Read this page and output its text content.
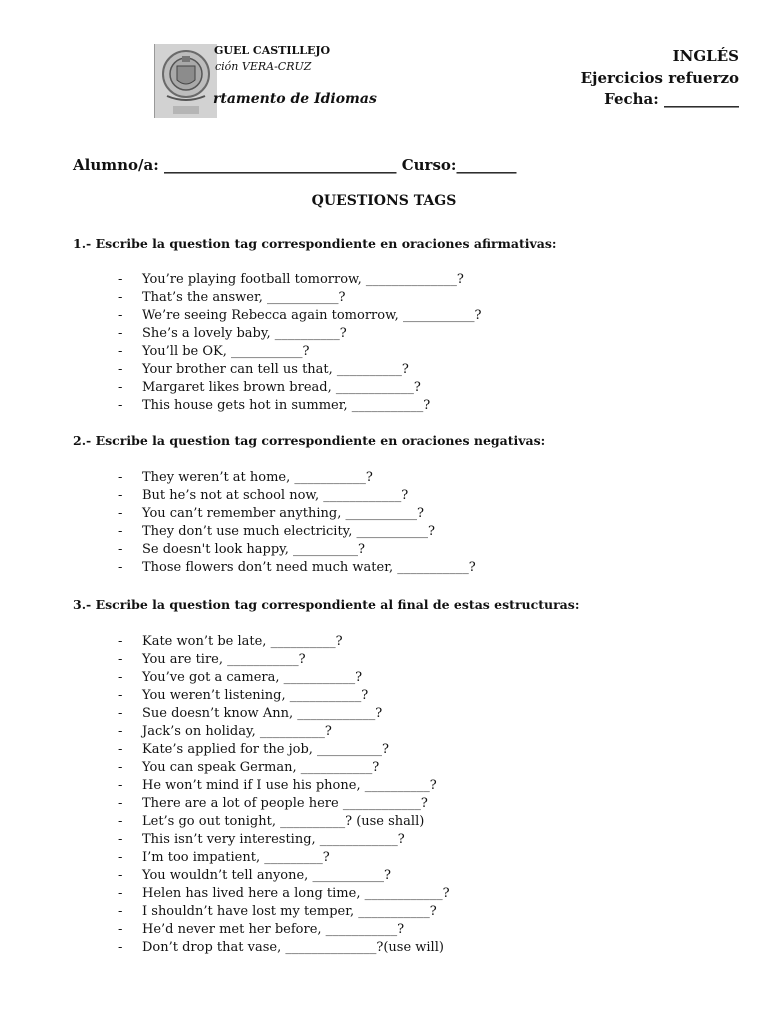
GUEL CASTILLEJO
ción VERA-CRUZ
rtamento de Idiomas
INGLÉS
Ejercicios refuerzo
Fecha: __________
Alumno/a: _______________________________ Curso:________
QUESTIONS TAGS
1.- Escribe la question tag correspondiente en oraciones afirmativas:
- You’re playing football tomorrow, ______________?
- That’s the answer, ___________?
- We’re seeing Rebecca again tomorrow, ___________?
- She’s a lovely baby, __________?
- You’ll be OK, ___________?
- Your brother can tell us that, __________?
- Margaret likes brown bread, ____________?
- This house gets hot in summer, ___________?
2.- Escribe la question tag correspondiente en oraciones negativas:
- They weren’t at home, ___________?
- But he’s not at school now, ____________?
- You can’t remember anything, ___________?
- They don’t use much electricity, ___________?
- Se doesn't look happy, __________?
- Those flowers don’t need much water, ___________?
3.- Escribe la question tag correspondiente al final de estas estructuras:
- Kate won’t be late, __________?
- You are tire, ___________?
- You’ve got a camera, ___________?
- You weren’t listening, ___________?
- Sue doesn’t know Ann, ____________?
- Jack’s on holiday, __________?
- Kate’s applied for the job, __________?
- You can speak German, ___________?
- He won’t mind if I use his phone, __________?
- There are a lot of people here ____________?
- Let’s go out tonight, __________? (use shall)
- This isn’t very interesting, ____________?
- I’m too impatient, _________?
- You wouldn’t tell anyone, ___________?
- Helen has lived here a long time, ____________?
- I shouldn’t have lost my temper, ___________?
- He’d never met her before, ___________?
- Don’t drop that vase, ______________?(use will)
